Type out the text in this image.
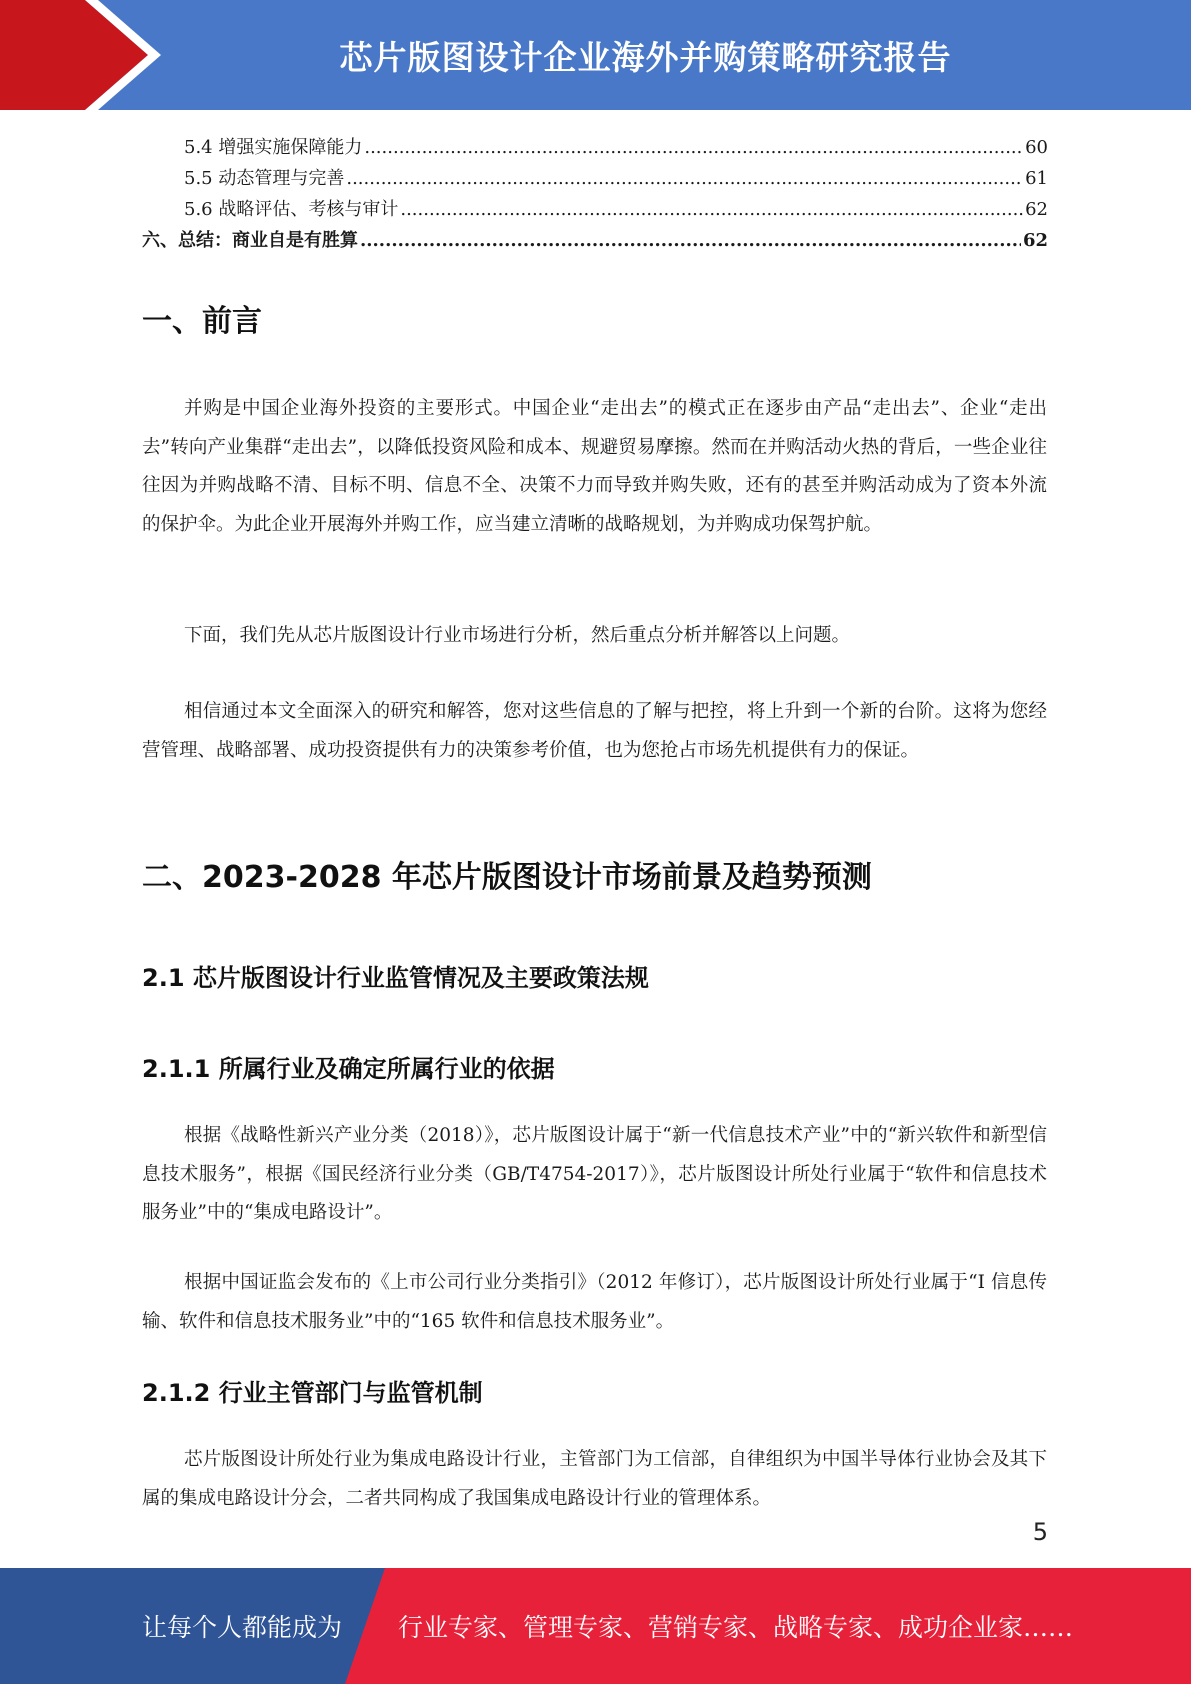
芯片版图设计企业海外并购策略研究报告
5.4 增强实施保障能力 .....	60
5.5 动态管理与完善 .....	61
5.6 战略评估、考核与审计 .....	62
六、总结：商业自是有胜算 .....	62
一、前言

并购是中国企业海外投资的主要形式。中国企业“走出去”的模式正在逐步由产品“走出去”、企业“走出去”转向产业集群“走出去”，以降低投资风险和成本、规避贸易摩擦。然而在并购活动火热的背后，一些企业往往因为并购战略不清、目标不明、信息不全、决策不力而导致并购失败，还有的甚至并购活动成为了资本外流的保护伞。为此企业开展海外并购工作，应当建立清晰的战略规划，为并购成功保驾护航。

下面，我们先从芯片版图设计行业市场进行分析，然后重点分析并解答以上问题。

相信通过本文全面深入的研究和解答，您对这些信息的了解与把控，将上升到一个新的台阶。这将为您经营管理、战略部署、成功投资提供有力的决策参考价值，也为您抢占市场先机提供有力的保证。

二、2023-2028 年芯片版图设计市场前景及趋势预测
2.1 芯片版图设计行业监管情况及主要政策法规
2.1.1 所属行业及确定所属行业的依据

根据《战略性新兴产业分类（2018）》，芯片版图设计属于“新一代信息技术产业”中的“新兴软件和新型信息技术服务”，根据《国民经济行业分类（GB/T4754-2017）》，芯片版图设计所处行业属于“软件和信息技术服务业”中的“集成电路设计”。

根据中国证监会发布的《上市公司行业分类指引》（2012 年修订），芯片版图设计所处行业属于“I 信息传输、软件和信息技术服务业”中的“165 软件和信息技术服务业”。

2.1.2 行业主管部门与监管机制

芯片版图设计所处行业为集成电路设计行业，主管部门为工信部，自律组织为中国半导体行业协会及其下属的集成电路设计分会，二者共同构成了我国集成电路设计行业的管理体系。

5
让每个人都能成为 行业专家、管理专家、营销专家、战略专家、成功企业家……
